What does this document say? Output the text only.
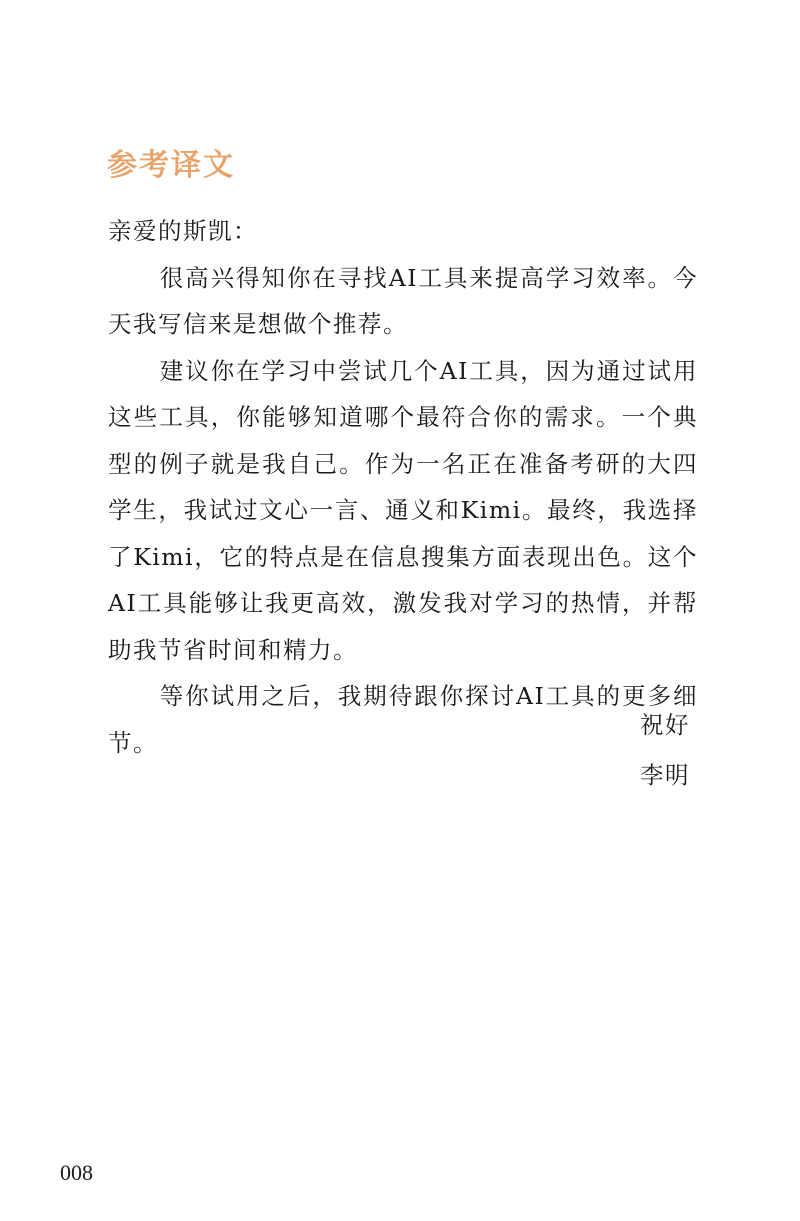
参考译文

亲爱的斯凯：

很高兴得知你在寻找AI工具来提高学习效率。今天我写信来是想做个推荐。

建议你在学习中尝试几个AI工具，因为通过试用这些工具，你能够知道哪个最符合你的需求。一个典型的例子就是我自己。作为一名正在准备考研的大四学生，我试过文心一言、通义和Kimi。最终，我选择了Kimi，它的特点是在信息搜集方面表现出色。这个AI工具能够让我更高效，激发我对学习的热情，并帮助我节省时间和精力。

等你试用之后，我期待跟你探讨AI工具的更多细节。

祝好
李明
008
